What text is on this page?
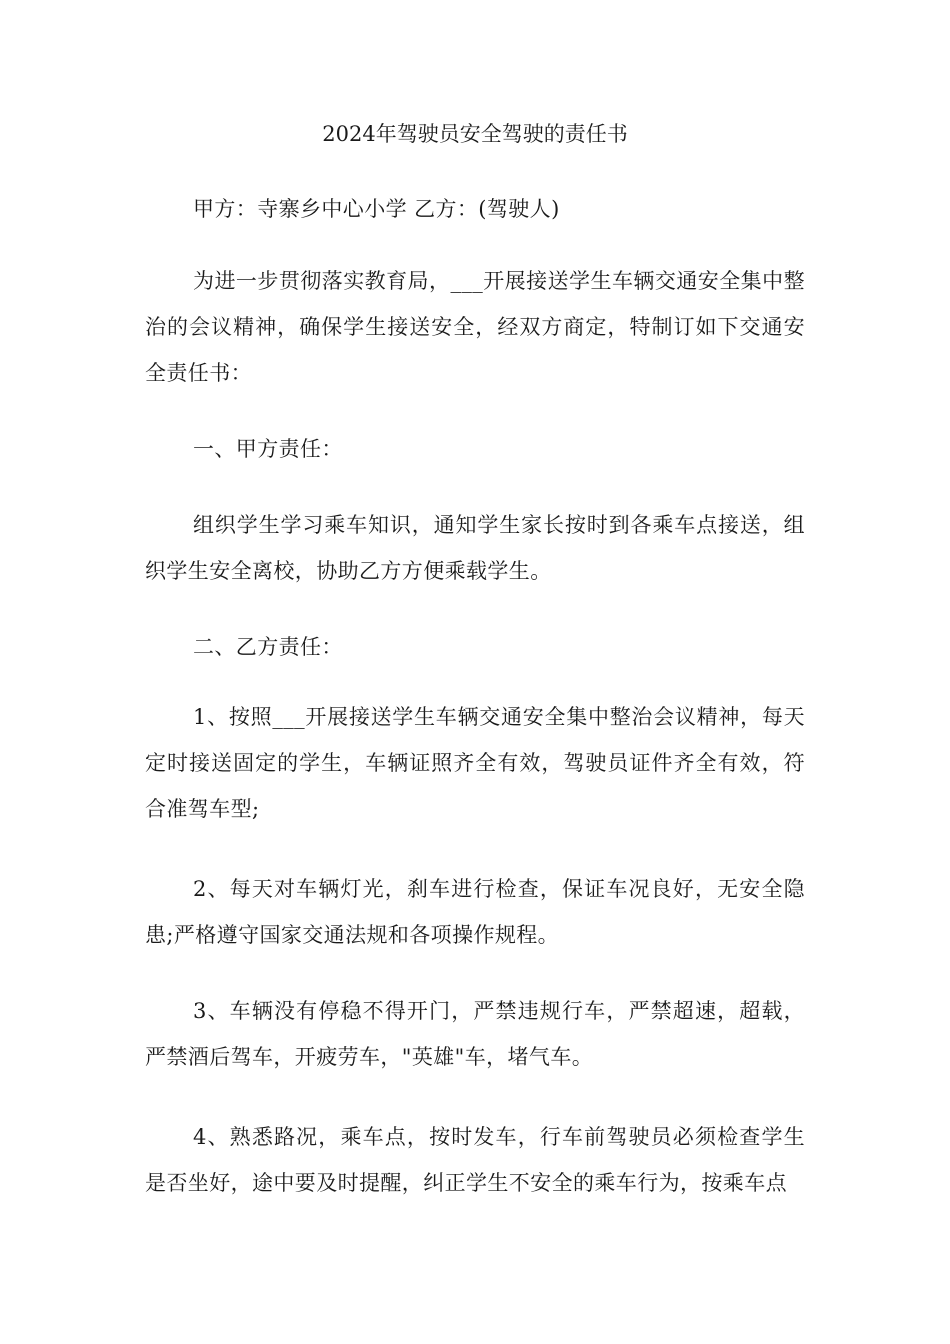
2024年驾驶员安全驾驶的责任书

甲方：寺寨乡中心小学 乙方：(驾驶人)

为进一步贯彻落实教育局，___开展接送学生车辆交通安全集中整治的会议精神，确保学生接送安全，经双方商定，特制订如下交通安全责任书：

一、甲方责任：

组织学生学习乘车知识，通知学生家长按时到各乘车点接送，组织学生安全离校，协助乙方方便乘载学生。

二、乙方责任：

1、按照___开展接送学生车辆交通安全集中整治会议精神，每天定时接送固定的学生，车辆证照齐全有效，驾驶员证件齐全有效，符合准驾车型;

2、每天对车辆灯光，刹车进行检查，保证车况良好，无安全隐患;严格遵守国家交通法规和各项操作规程。

3、车辆没有停稳不得开门，严禁违规行车，严禁超速，超载，严禁酒后驾车，开疲劳车，"英雄"车，堵气车。

4、熟悉路况，乘车点，按时发车，行车前驾驶员必须检查学生是否坐好，途中要及时提醒，纠正学生不安全的乘车行为，按乘车点
